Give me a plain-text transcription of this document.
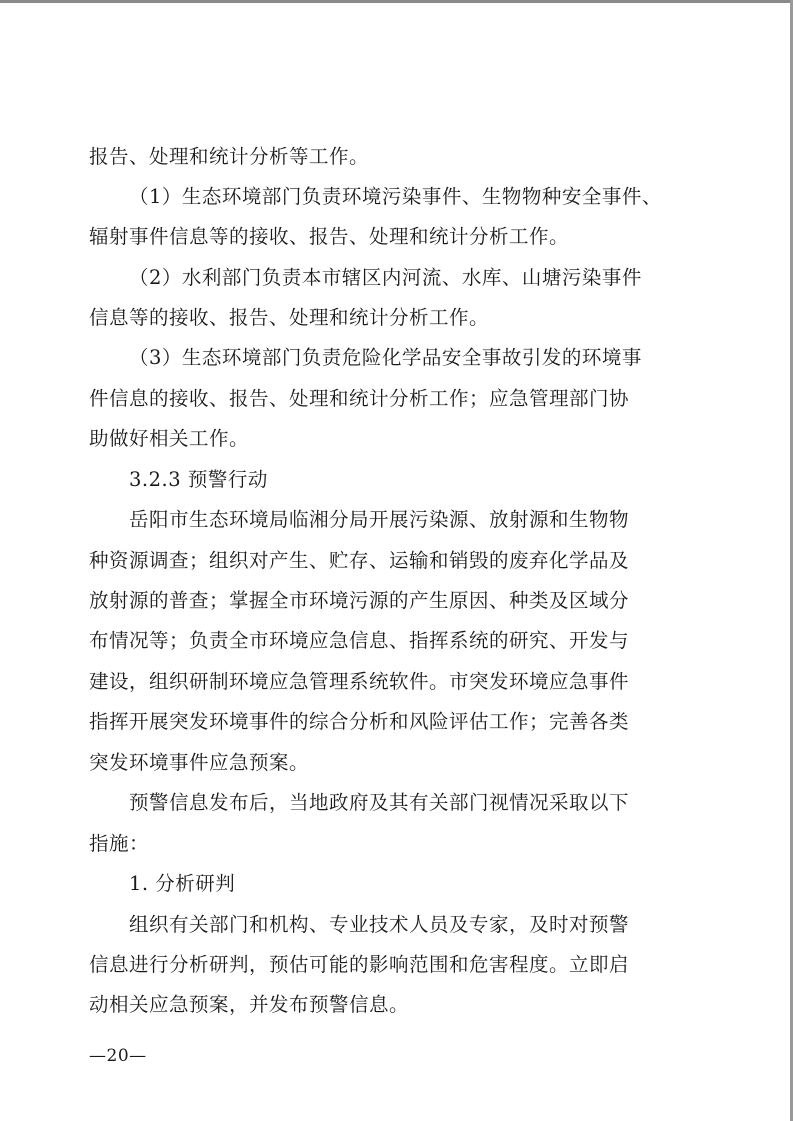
报告、处理和统计分析等工作。
（1）生态环境部门负责环境污染事件、生物物种安全事件、
辐射事件信息等的接收、报告、处理和统计分析工作。
（2）水利部门负责本市辖区内河流、水库、山塘污染事件
信息等的接收、报告、处理和统计分析工作。
（3）生态环境部门负责危险化学品安全事故引发的环境事
件信息的接收、报告、处理和统计分析工作；应急管理部门协
助做好相关工作。
3.2.3 预警行动
岳阳市生态环境局临湘分局开展污染源、放射源和生物物
种资源调查；组织对产生、贮存、运输和销毁的废弃化学品及
放射源的普查；掌握全市环境污源的产生原因、种类及区域分
布情况等；负责全市环境应急信息、指挥系统的研究、开发与
建设，组织研制环境应急管理系统软件。市突发环境应急事件
指挥开展突发环境事件的综合分析和风险评估工作；完善各类
突发环境事件应急预案。
预警信息发布后，当地政府及其有关部门视情况采取以下
指施：
1. 分析研判
组织有关部门和机构、专业技术人员及专家，及时对预警
信息进行分析研判，预估可能的影响范围和危害程度。立即启
动相关应急预案，并发布预警信息。
—20—
